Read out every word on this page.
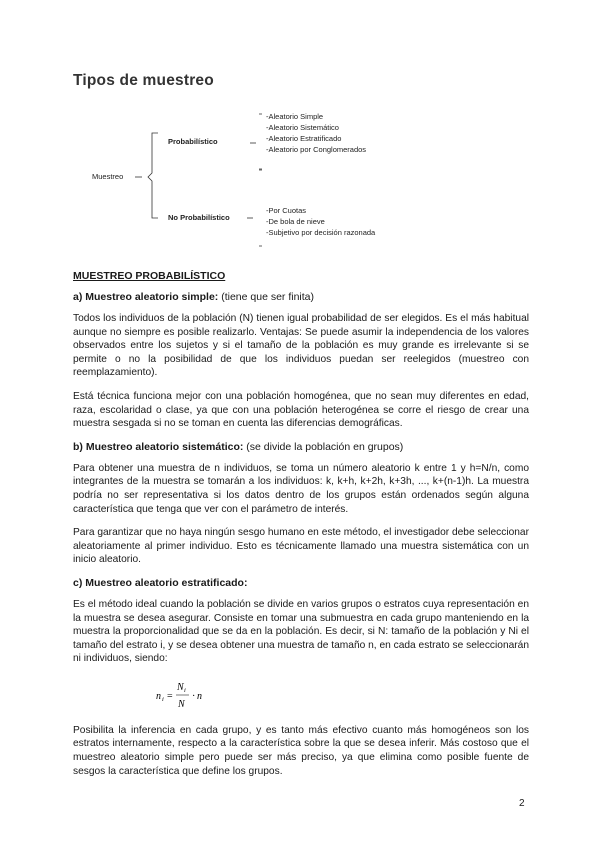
Tipos de muestreo
Muestreo
Probabilístico
No Probabilístico
-Aleatorio Simple
-Aleatorio Sistemático
-Aleatorio Estratificado
-Aleatorio por Conglomerados
-Por Cuotas
-De bola de nieve
-Subjetivo por decisión razonada
MUESTREO PROBABILÍSTICO
a) Muestreo aleatorio simple: (tiene que ser finita)

Todos los individuos de la población (N) tienen igual probabilidad de ser elegidos. Es el más habitual aunque no siempre es posible realizarlo. Ventajas: Se puede asumir la independencia de los valores observados entre los sujetos y si el tamaño de la población es muy grande es irrelevante si se permite o no la posibilidad de que los individuos puedan ser reelegidos (muestreo con reemplazamiento).

Está técnica funciona mejor con una población homogénea, que no sean muy diferentes en edad, raza, escolaridad o clase, ya que con una población heterogénea se corre el riesgo de crear una muestra sesgada si no se toman en cuenta las diferencias demográficas.

b) Muestreo aleatorio sistemático: (se divide la población en grupos)

Para obtener una muestra de n individuos, se toma un número aleatorio k entre 1 y h=N/n, como integrantes de la muestra se tomarán a los individuos: k, k+h, k+2h, k+3h, ..., k+(n-1)h. La muestra podría no ser representativa si los datos dentro de los grupos están ordenados según alguna característica que tenga que ver con el parámetro de interés.

Para garantizar que no haya ningún sesgo humano en este método, el investigador debe seleccionar aleatoriamente al primer individuo. Esto es técnicamente llamado una muestra sistemática con un inicio aleatorio.

c) Muestreo aleatorio estratificado:

Es el método ideal cuando la población se divide en varios grupos o estratos cuya representación en la muestra se desea asegurar. Consiste en tomar una submuestra en cada grupo manteniendo en la muestra la proporcionalidad que se da en la población. Es decir, si N: tamaño de la población y Ni el tamaño del estrato i, y se desea obtener una muestra de tamaño n, en cada estrato se seleccionarán ni individuos, siendo:

n i =
N i
N
· n

Posibilita la inferencia en cada grupo, y es tanto más efectivo cuanto más homogéneos son los estratos internamente, respecto a la característica sobre la que se desea inferir. Más costoso que el muestreo aleatorio simple pero puede ser más preciso, ya que elimina como posible fuente de sesgos la característica que define los grupos.

2
